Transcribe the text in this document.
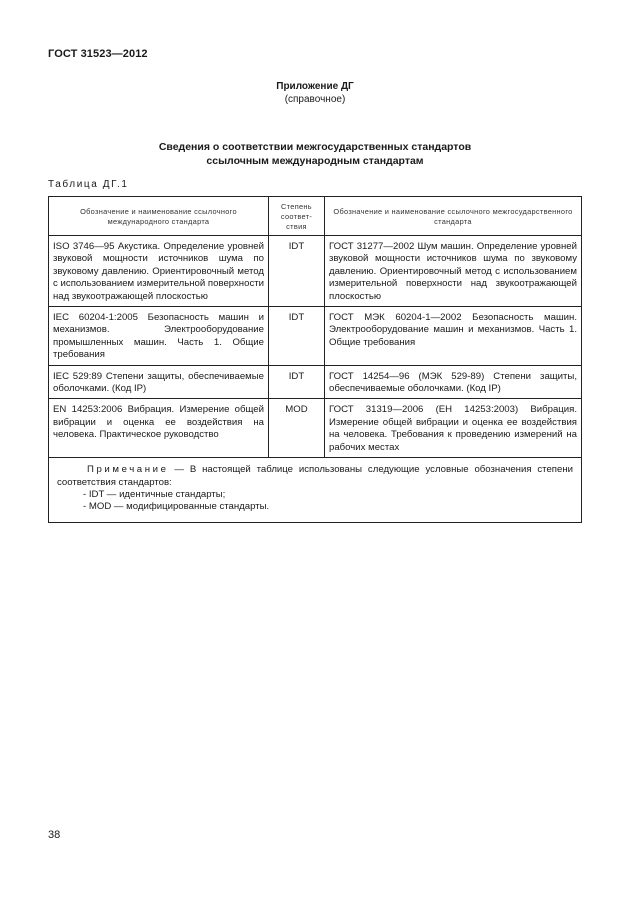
ГОСТ 31523—2012
Приложение ДГ
(справочное)
Сведения о соответствии межгосударственных стандартов
ссылочным международным стандартам
Таблица ДГ.1
Обозначение и наименование ссылочного международного стандарта	Степень соответ-ствия	Обозначение и наименование ссылочного межгосударственного стандарта
ISO 3746—95 Акустика. Определение уровней звуковой мощности источников шума по звуковому давлению. Ориентировочный метод с использованием измерительной поверхности над звукоотражающей плоскостью	IDT	ГОСТ 31277—2002 Шум машин. Определение уровней звуковой мощности источников шума по звуковому давлению. Ориентировочный метод с использованием измерительной поверхности над звукоотражающей плоскостью
IEC 60204-1:2005 Безопасность машин и механизмов. Электрооборудование промышленных машин. Часть 1. Общие требования	IDT	ГОСТ МЭК 60204-1—2002 Безопасность машин. Электрооборудование машин и механизмов. Часть 1. Общие требования
IEC 529:89 Степени защиты, обеспечиваемые оболочками. (Код IP)	IDT	ГОСТ 14254—96 (МЭК 529-89) Степени защиты, обеспечиваемые оболочками. (Код IP)
EN 14253:2006 Вибрация. Измерение общей вибрации и оценка ее воздействия на человека. Практическое руководство	MOD	ГОСТ 31319—2006 (ЕН 14253:2003) Вибрация. Измерение общей вибрации и оценка ее воздействия на человека. Требования к проведению измерений на рабочих местах

Примечание — В настоящей таблице использованы следующие условные обозначения степени соответствия стандартов:
- IDT — идентичные стандарты;
- MOD — модифицированные стандарты.		
38
